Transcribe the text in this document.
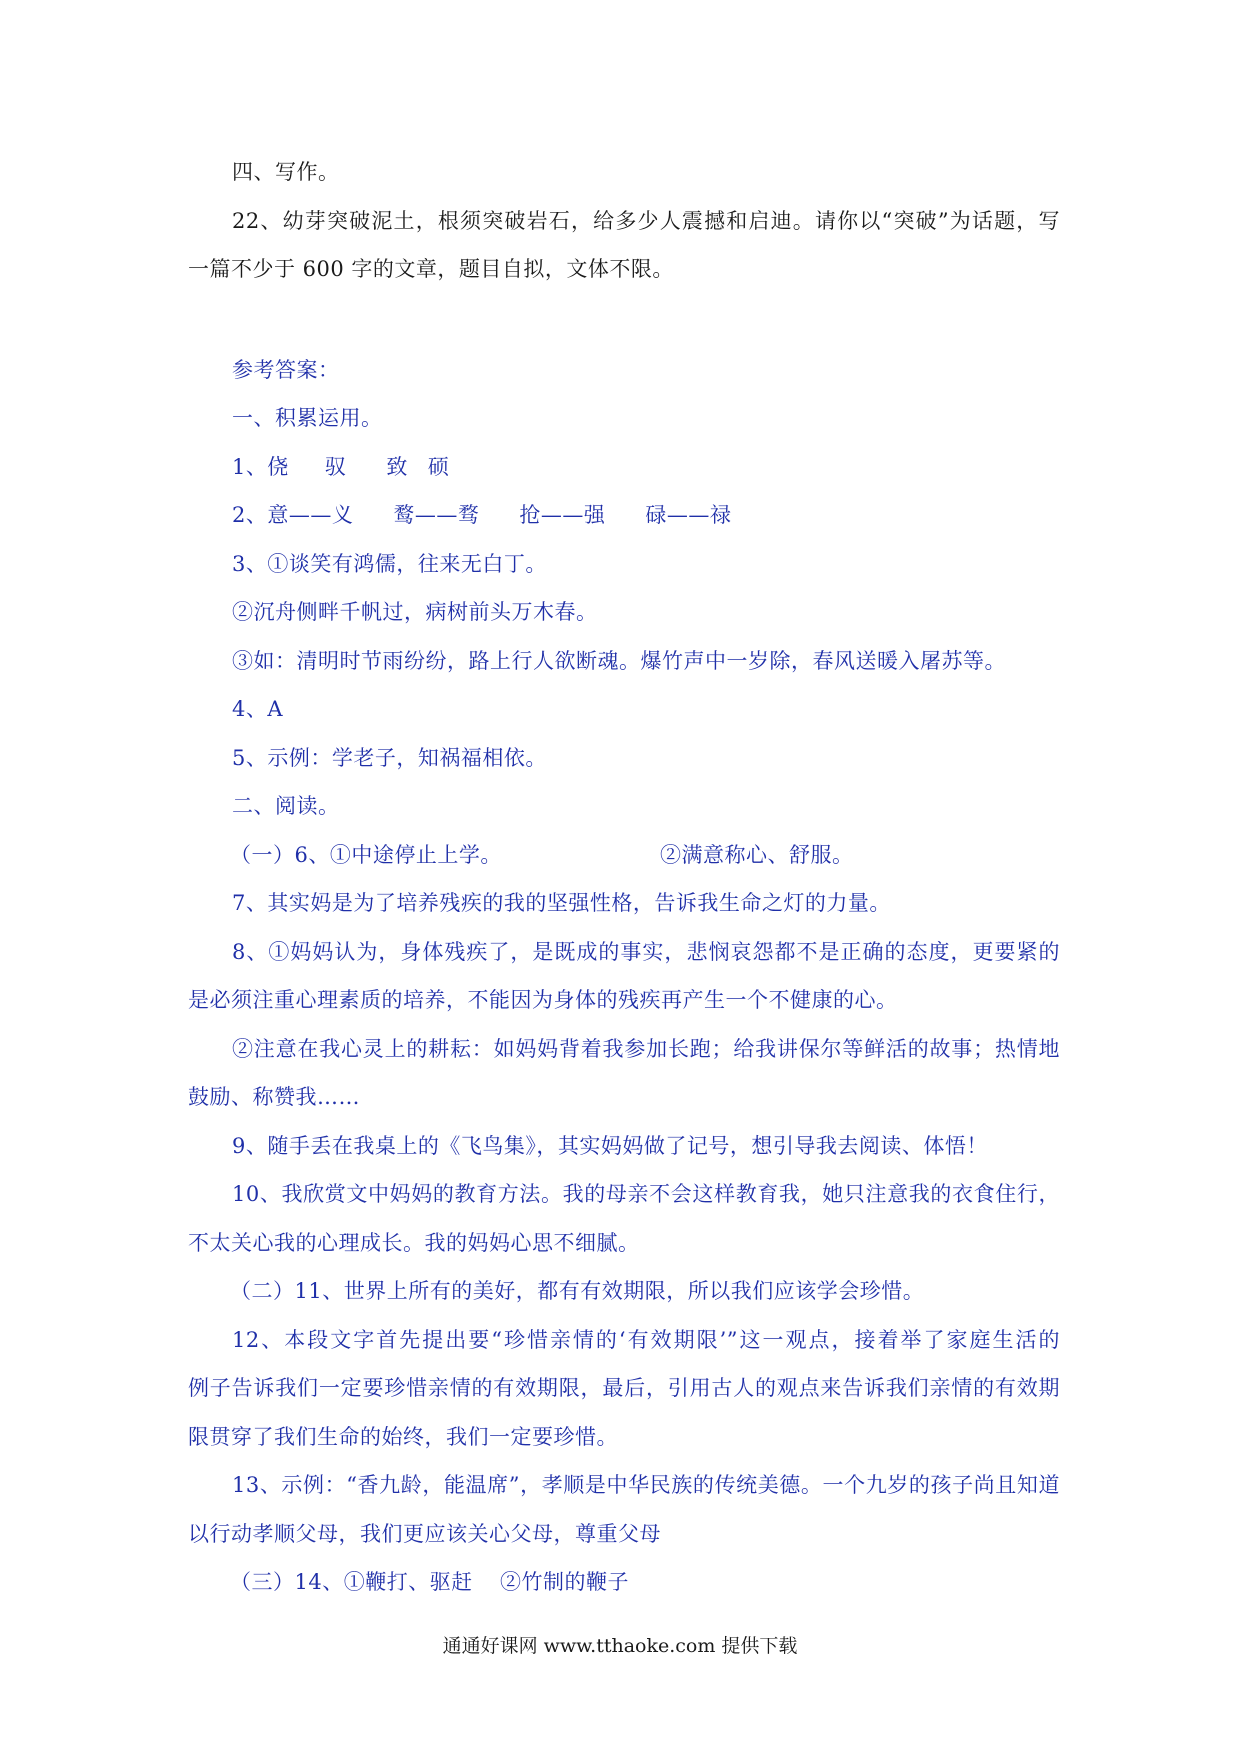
四、写作。
22、幼芽突破泥土，根须突破岩石，给多少人震撼和启迪。请你以“突破”为话题，写
一篇不少于 600 字的文章，题目自拟，文体不限。
参考答案：
一、积累运用。
1、侥 驭 致 硕
2、意——义 鹜——骛 抢——强 碌——禄
3、①谈笑有鸿儒，往来无白丁。
②沉舟侧畔千帆过，病树前头万木春。
③如：清明时节雨纷纷，路上行人欲断魂。爆竹声中一岁除，春风送暖入屠苏等。
4、A
5、示例：学老子，知祸福相依。
二、阅读。
（一）6、①中途停止上学。	②满意称心、舒服。
7、其实妈是为了培养残疾的我的坚强性格，告诉我生命之灯的力量。
8、①妈妈认为，身体残疾了，是既成的事实，悲悯哀怨都不是正确的态度，更要紧的
是必须注重心理素质的培养，不能因为身体的残疾再产生一个不健康的心。
②注意在我心灵上的耕耘：如妈妈背着我参加长跑；给我讲保尔等鲜活的故事；热情地
鼓励、称赞我……
9、随手丢在我桌上的《飞鸟集》，其实妈妈做了记号，想引导我去阅读、体悟！
10、我欣赏文中妈妈的教育方法。我的母亲不会这样教育我，她只注意我的衣食住行，
不太关心我的心理成长。我的妈妈心思不细腻。
（二）11、世界上所有的美好，都有有效期限，所以我们应该学会珍惜。
12、本段文字首先提出要“珍惜亲情的‘有效期限’”这一观点，接着举了家庭生活的
例子告诉我们一定要珍惜亲情的有效期限，最后，引用古人的观点来告诉我们亲情的有效期
限贯穿了我们生命的始终，我们一定要珍惜。
13、示例：“香九龄，能温席”，孝顺是中华民族的传统美德。一个九岁的孩子尚且知道
以行动孝顺父母，我们更应该关心父母，尊重父母
（三）14、①鞭打、驱赶 ②竹制的鞭子
通通好课网 www.tthaoke.com 提供下载
